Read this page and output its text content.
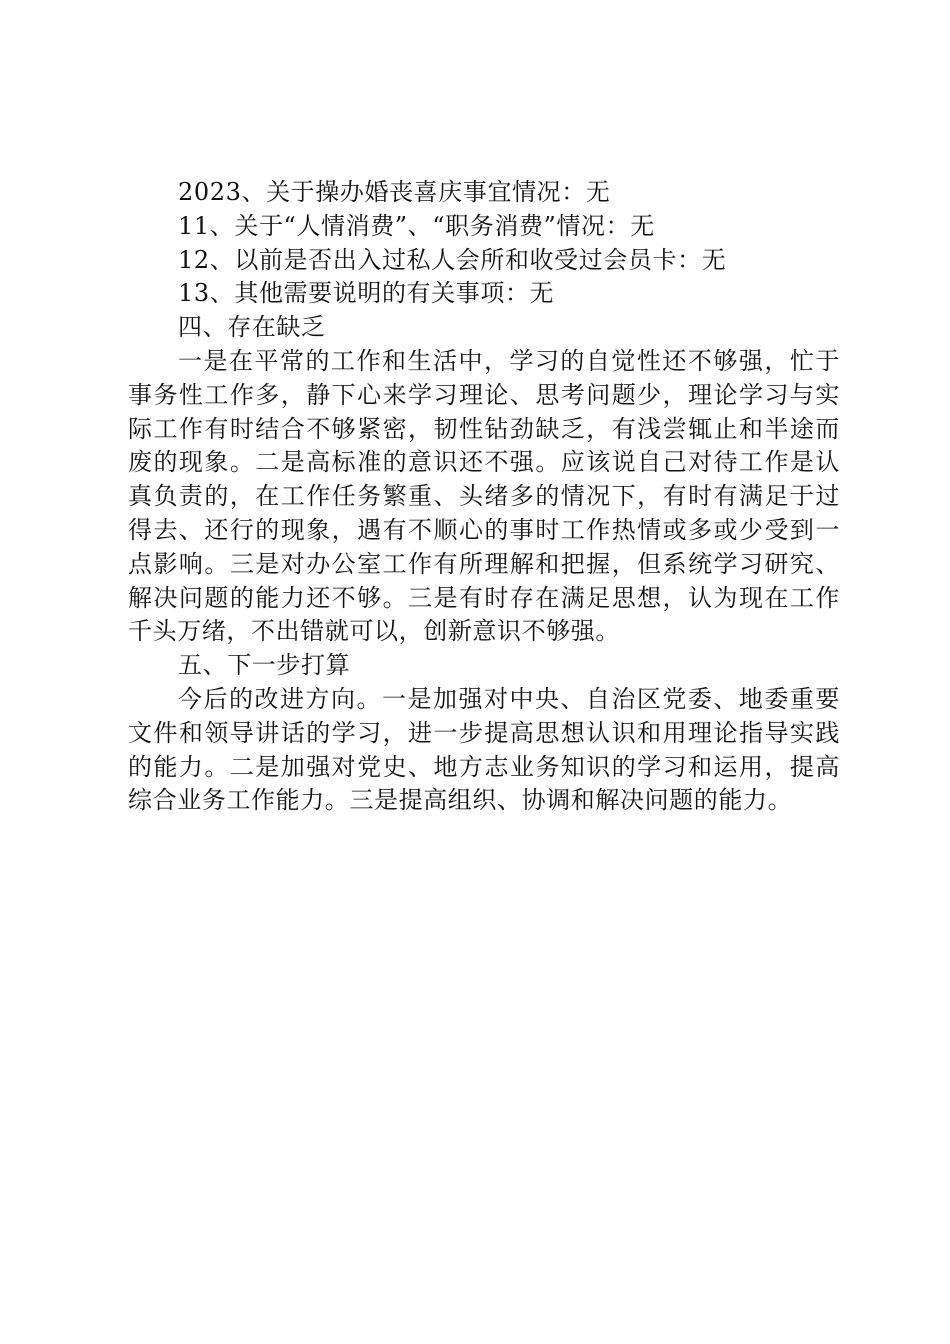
2023、关于操办婚丧喜庆事宜情况：无
11、关于“人情消费”、“职务消费”情况：无
12、以前是否出入过私人会所和收受过会员卡：无
13、其他需要说明的有关事项：无
四、存在缺乏

一是在平常的工作和生活中，学习的自觉性还不够强，忙于事务性工作多，静下心来学习理论、思考问题少，理论学习与实际工作有时结合不够紧密，韧性钻劲缺乏，有浅尝辄止和半途而废的现象。二是高标准的意识还不强。应该说自己对待工作是认真负责的，在工作任务繁重、头绪多的情况下，有时有满足于过得去、还行的现象，遇有不顺心的事时工作热情或多或少受到一点影响。三是对办公室工作有所理解和把握，但系统学习研究、解决问题的能力还不够。三是有时存在满足思想，认为现在工作千头万绪，不出错就可以，创新意识不够强。

五、下一步打算

今后的改进方向。一是加强对中央、自治区党委、地委重要文件和领导讲话的学习，进一步提高思想认识和用理论指导实践的能力。二是加强对党史、地方志业务知识的学习和运用，提高综合业务工作能力。三是提高组织、协调和解决问题的能力。
